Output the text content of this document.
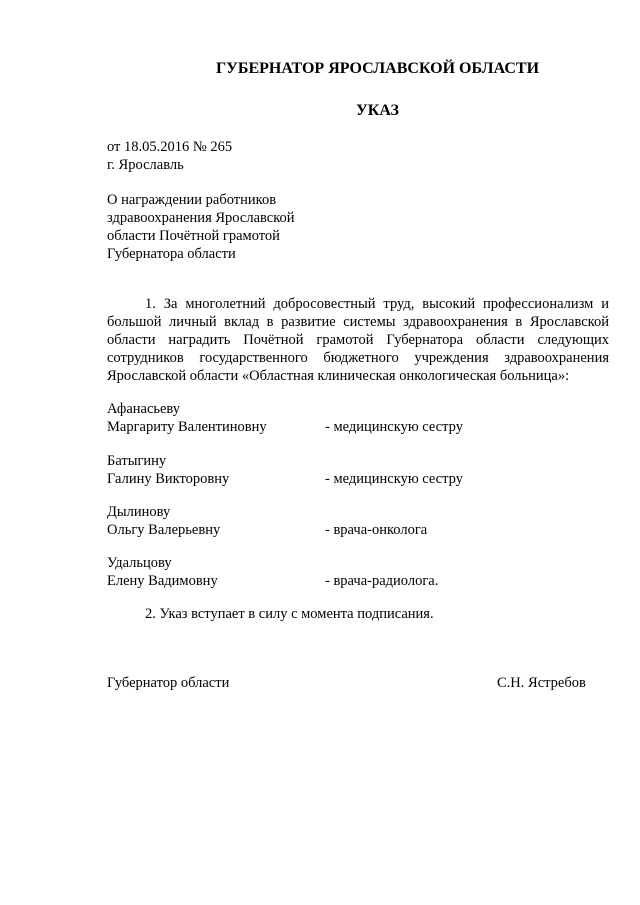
ГУБЕРНАТОР ЯРОСЛАВСКОЙ ОБЛАСТИ
УКАЗ
от 18.05.2016 № 265
г. Ярославль
О награждении работников
здравоохранения Ярославской
области Почётной грамотой
Губернатора области
1. За многолетний добросовестный труд, высокий профессионализм и большой личный вклад в развитие системы здравоохранения в Ярославской области наградить Почётной грамотой Губернатора области следующих сотрудников государственного бюджетного учреждения здравоохранения Ярославской области «Областная клиническая онкологическая больница»:
Афанасьеву
Маргариту Валентиновну	- медицинскую сестру
Батыгину
Галину Викторовну	- медицинскую сестру
Дылинову
Ольгу Валерьевну	- врача-онколога
Удальцову
Елену Вадимовну	- врача-радиолога.
2. Указ вступает в силу с момента подписания.
Губернатор области	С.Н. Ястребов
